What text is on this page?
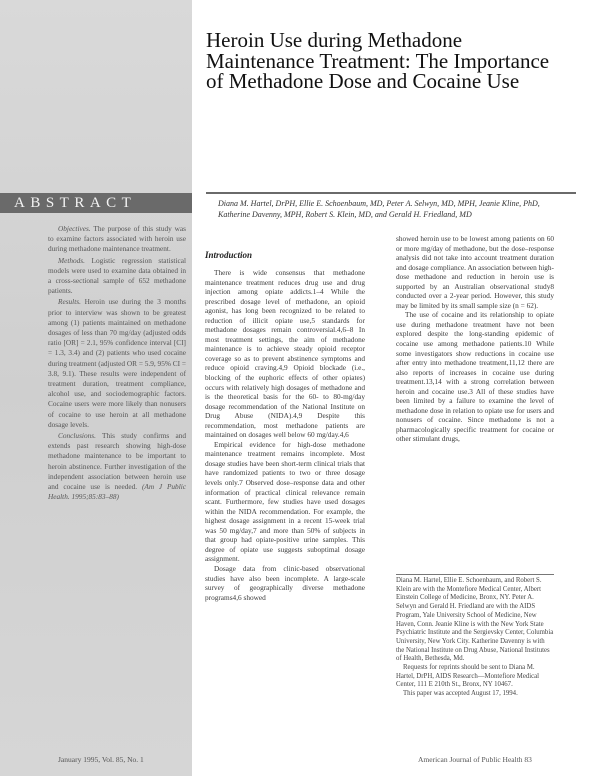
ABSTRACT

Objectives. The purpose of this study was to examine factors associated with heroin use during methadone maintenance treatment.

Methods. Logistic regression statistical models were used to examine data obtained in a cross-sectional sample of 652 methadone patients.

Results. Heroin use during the 3 months prior to interview was shown to be greatest among (1) patients maintained on methadone dosages of less than 70 mg/day (adjusted odds ratio [OR] = 2.1, 95% confidence interval [CI] = 1.3, 3.4) and (2) patients who used cocaine during treatment (adjusted OR = 5.9, 95% CI = 3.8, 9.1). These results were independent of treatment duration, treatment compliance, alcohol use, and sociodemographic factors. Cocaine users were more likely than nonusers of cocaine to use heroin at all methadone dosage levels.

Conclusions. This study confirms and extends past research showing high-dose methadone maintenance to be important to heroin abstinence. Further investigation of the independent association between heroin use and cocaine use is needed. (Am J Public Health. 1995;85:83–88)

Heroin Use during Methadone Maintenance Treatment: The Importance of Methadone Dose and Cocaine Use
Diana M. Hartel, DrPH, Ellie E. Schoenbaum, MD, Peter A. Selwyn, MD, MPH, Jeanie Kline, PhD, Katherine Davenny, MPH, Robert S. Klein, MD, and Gerald H. Friedland, MD
Introduction

There is wide consensus that methadone maintenance treatment reduces drug use and drug injection among opiate addicts.1–4 While the prescribed dosage level of methadone, an opioid agonist, has long been recognized to be related to reduction of illicit opiate use,5 standards for methadone dosages remain controversial.4,6–8 In most treatment settings, the aim of methadone maintenance is to achieve steady opioid receptor coverage so as to prevent abstinence symptoms and reduce opioid craving.4,9 Opioid blockade (i.e., blocking of the euphoric effects of other opiates) occurs with relatively high dosages of methadone and is the theoretical basis for the 60- to 80-mg/day dosage recommendation of the National Institute on Drug Abuse (NIDA).4,9 Despite this recommendation, most methadone patients are maintained on dosages well below 60 mg/day.4,6

Empirical evidence for high-dose methadone maintenance treatment remains incomplete. Most dosage studies have been short-term clinical trials that have randomized patients to two or three dosage levels only.7 Observed dose–response data and other information of practical clinical relevance remain scant. Furthermore, few studies have used dosages within the NIDA recommendation. For example, the highest dosage assignment in a recent 15-week trial was 50 mg/day,7 and more than 50% of subjects in that group had opiate-positive urine samples. This degree of opiate use suggests suboptimal dosage assignment.

Dosage data from clinic-based observational studies have also been incomplete. A large-scale survey of geographically diverse methadone programs4,6 showed

showed heroin use to be lowest among patients on 60 or more mg/day of methadone, but the dose–response analysis did not take into account treatment duration and dosage compliance. An association between high-dose methadone and reduction in heroin use is supported by an Australian observational study8 conducted over a 2-year period. However, this study may be limited by its small sample size (n = 62).

The use of cocaine and its relationship to opiate use during methadone treatment have not been explored despite the long-standing epidemic of cocaine use among methadone patients.10 While some investigators show reductions in cocaine use after entry into methadone treatment,11,12 there are also reports of increases in cocaine use during treatment.13,14 with a strong correlation between heroin and cocaine use.3 All of these studies have been limited by a failure to examine the level of methadone dose in relation to opiate use for users and nonusers of cocaine. Since methadone is not a pharmacologically specific treatment for cocaine or other stimulant drugs,

Diana M. Hartel, Ellie E. Schoenbaum, and Robert S. Klein are with the Montefiore Medical Center, Albert Einstein College of Medicine, Bronx, NY. Peter A. Selwyn and Gerald H. Friedland are with the AIDS Program, Yale University School of Medicine, New Haven, Conn. Jeanie Kline is with the New York State Psychiatric Institute and the Sergievsky Center, Columbia University, New York City. Katherine Davenny is with the National Institute on Drug Abuse, National Institutes of Health, Bethesda, Md.

Requests for reprints should be sent to Diana M. Hartel, DrPH, AIDS Research—Montefiore Medical Center, 111 E 210th St., Bronx, NY 10467.

This paper was accepted August 17, 1994.

January 1995, Vol. 85, No. 1	American Journal of Public Health 83
